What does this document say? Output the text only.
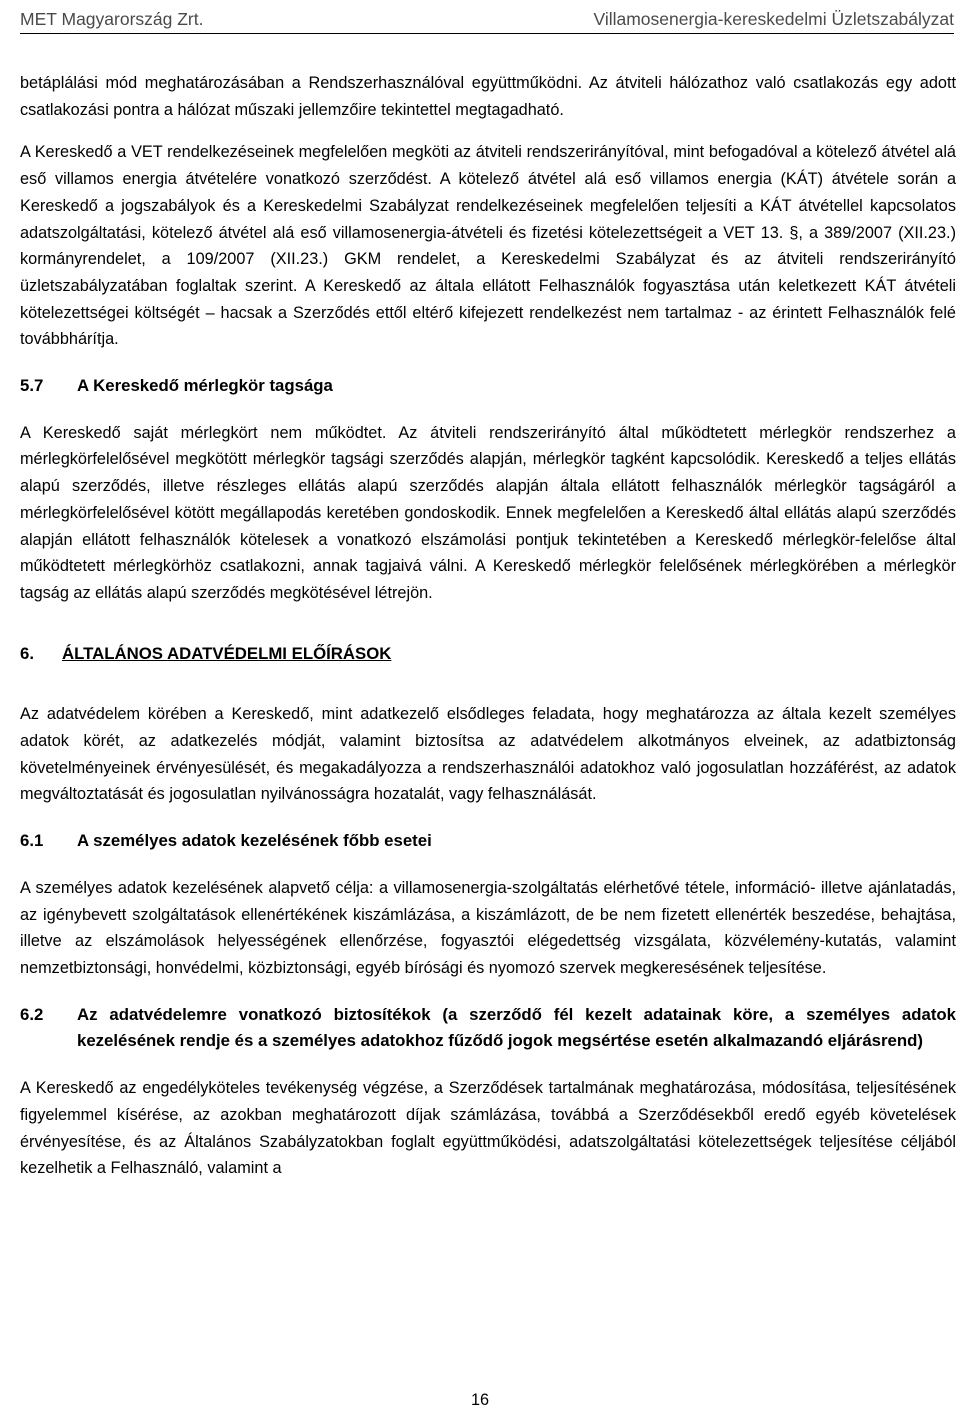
MET Magyarország Zrt.	Villamosenergia-kereskedelmi Üzletszabályzat

betáplálási mód meghatározásában a Rendszerhasználóval együttműködni. Az átviteli hálózathoz való csatlakozás egy adott csatlakozási pontra a hálózat műszaki jellemzőire tekintettel megtagadható.

A Kereskedő a VET rendelkezéseinek megfelelően megköti az átviteli rendszerirányítóval, mint befogadóval a kötelező átvétel alá eső villamos energia átvételére vonatkozó szerződést. A kötelező átvétel alá eső villamos energia (KÁT) átvétele során a Kereskedő a jogszabályok és a Kereskedelmi Szabályzat rendelkezéseinek megfelelően teljesíti a KÁT átvétellel kapcsolatos adatszolgáltatási, kötelező átvétel alá eső villamosenergia-átvételi és fizetési kötelezettségeit a VET 13. §, a 389/2007 (XII.23.) kormányrendelet, a 109/2007 (XII.23.) GKM rendelet, a Kereskedelmi Szabályzat és az átviteli rendszerirányító üzletszabályzatában foglaltak szerint. A Kereskedő az általa ellátott Felhasználók fogyasztása után keletkezett KÁT átvételi kötelezettségei költségét – hacsak a Szerződés ettől eltérő kifejezett rendelkezést nem tartalmaz - az érintett Felhasználók felé továbbhárítja.

5.7	A Kereskedő mérlegkör tagsága

A Kereskedő saját mérlegkört nem működtet. Az átviteli rendszerirányító által működtetett mérlegkör rendszerhez a mérlegkörfelelősével megkötött mérlegkör tagsági szerződés alapján, mérlegkör tagként kapcsolódik. Kereskedő a teljes ellátás alapú szerződés, illetve részleges ellátás alapú szerződés alapján általa ellátott felhasználók mérlegkör tagságáról a mérlegkörfelelősével kötött megállapodás keretében gondoskodik. Ennek megfelelően a Kereskedő által ellátás alapú szerződés alapján ellátott felhasználók kötelesek a vonatkozó elszámolási pontjuk tekintetében a Kereskedő mérlegkör-felelőse által működtetett mérlegkörhöz csatlakozni, annak tagjaivá válni. A Kereskedő mérlegkör felelősének mérlegkörében a mérlegkör tagság az ellátás alapú szerződés megkötésével létrejön.

6.	ÁLTALÁNOS ADATVÉDELMI ELŐÍRÁSOK

Az adatvédelem körében a Kereskedő, mint adatkezelő elsődleges feladata, hogy meghatározza az általa kezelt személyes adatok körét, az adatkezelés módját, valamint biztosítsa az adatvédelem alkotmányos elveinek, az adatbiztonság követelményeinek érvényesülését, és megakadályozza a rendszerhasználói adatokhoz való jogosulatlan hozzáférést, az adatok megváltoztatását és jogosulatlan nyilvánosságra hozatalát, vagy felhasználását.

6.1	A személyes adatok kezelésének főbb esetei

A személyes adatok kezelésének alapvető célja: a villamosenergia-szolgáltatás elérhetővé tétele, információ- illetve ajánlatadás, az igénybevett szolgáltatások ellenértékének kiszámlázása, a kiszámlázott, de be nem fizetett ellenérték beszedése, behajtása, illetve az elszámolások helyességének ellenőrzése, fogyasztói elégedettség vizsgálata, közvélemény-kutatás, valamint nemzetbiztonsági, honvédelmi, közbiztonsági, egyéb bírósági és nyomozó szervek megkeresésének teljesítése.

6.2	Az adatvédelemre vonatkozó biztosítékok (a szerződő fél kezelt adatainak köre, a személyes adatok kezelésének rendje és a személyes adatokhoz fűződő jogok megsértése esetén alkalmazandó eljárásrend)

A Kereskedő az engedélyköteles tevékenység végzése, a Szerződések tartalmának meghatározása, módosítása, teljesítésének figyelemmel kísérése, az azokban meghatározott díjak számlázása, továbbá a Szerződésekből eredő egyéb követelések érvényesítése, és az Általános Szabályzatokban foglalt együttműködési, adatszolgáltatási kötelezettségek teljesítése céljából kezelhetik a Felhasználó, valamint a

16
